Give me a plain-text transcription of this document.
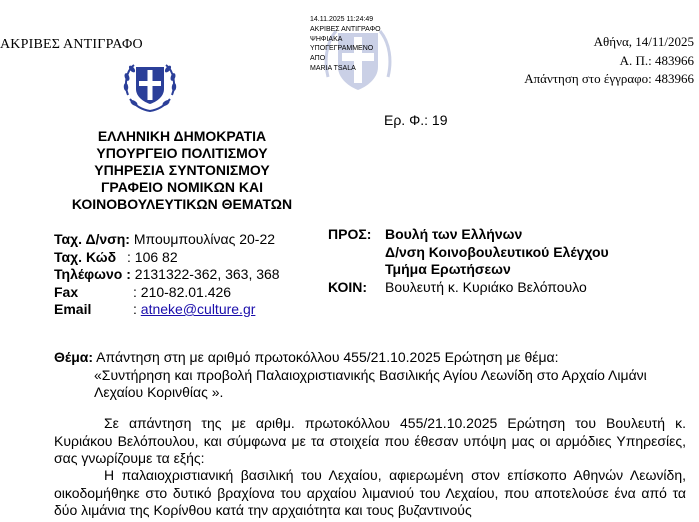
ΑΚΡΙΒΕΣ ΑΝΤΙΓΡΑΦΟ
ΕΛΛΗΝΙΚΗ ΔΗΜΟΚΡΑΤΙΑ
ΥΠΟΥΡΓΕΙΟ ΠΟΛΙΤΙΣΜΟΥ
ΥΠΗΡΕΣΙΑ ΣΥΝΤΟΝΙΣΜΟΥ
ΓΡΑΦΕΙΟ ΝΟΜΙΚΩΝ ΚΑΙ
ΚΟΙΝΟΒΟΥΛΕΥΤΙΚΩΝ ΘΕΜΑΤΩΝ
14.11.2025 11:24:49
ΑΚΡΙΒΕΣ ΑΝΤΙΓΡΑΦΟ
ΨΗΦΙΑΚΑ
ΥΠΟΓΕΓΡΑΜΜΕΝΟ
ΑΠΟ
MARIA TSALA
Ερ. Φ.: 19
Αθήνα, 14/11/2025
Α. Π.: 483966
Απάντηση στο έγγραφο: 483966
Ταχ. Δ/νση: Μπουμπουλίνας 20-22
Ταχ. Κώδ : 106 82
Τηλέφωνο : 2131322-362, 363, 368
Fax	: 210-82.01.426
Email	: atneke@culture.gr
ΠΡΟΣ: Βουλή των Ελλήνων
Δ/νση Κοινοβουλευτικού Ελέγχου
Τμήμα Ερωτήσεων
ΚΟΙΝ: Βουλευτή κ. Κυριάκο Βελόπουλο
Θέμα: Απάντηση στη με αριθμό πρωτοκόλλου 455/21.10.2025 Ερώτηση με θέμα:
«Συντήρηση και προβολή Παλαιοχριστιανικής Βασιλικής Αγίου Λεωνίδη στο Αρχαίο Λιμάνι Λεχαίου Κορινθίας ».
Σε απάντηση της με αριθμ. πρωτοκόλλου 455/21.10.2025 Ερώτηση του Βουλευτή κ. Κυριάκου Βελόπουλου, και σύμφωνα με τα στοιχεία που έθεσαν υπόψη μας οι αρμόδιες Υπηρεσίες, σας γνωρίζουμε τα εξής:
Η παλαιοχριστιανική βασιλική του Λεχαίου, αφιερωμένη στον επίσκοπο Αθηνών Λεωνίδη, οικοδομήθηκε στο δυτικό βραχίονα του αρχαίου λιμανιού του Λεχαίου, που αποτελούσε ένα από τα δύο λιμάνια της Κορίνθου κατά την αρχαιότητα και τους βυζαντινούς
